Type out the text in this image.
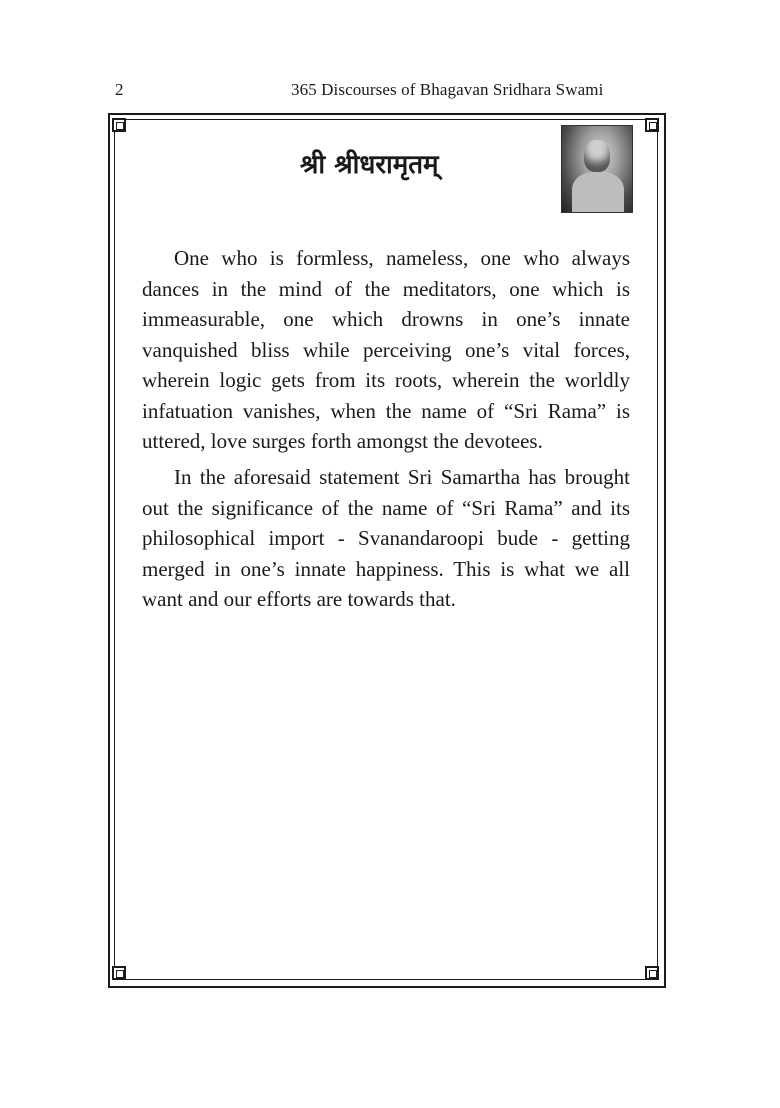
2	365 Discourses of Bhagavan Sridhara Swami
श्री श्रीधरामृतम्

One who is formless, nameless, one who always dances in the mind of the meditators, one which is immeasurable, one which drowns in one’s innate vanquished bliss while perceiving one’s vital forces, wherein logic gets from its roots, wherein the worldly infatuation vanishes, when the name of “Sri Rama” is uttered, love surges forth amongst the devotees.

In the aforesaid statement Sri Samartha has brought out the significance of the name of “Sri Rama” and its philosophical import - Svanandaroopi bude - getting merged in one’s innate happiness. This is what we all want and our efforts are towards that.
